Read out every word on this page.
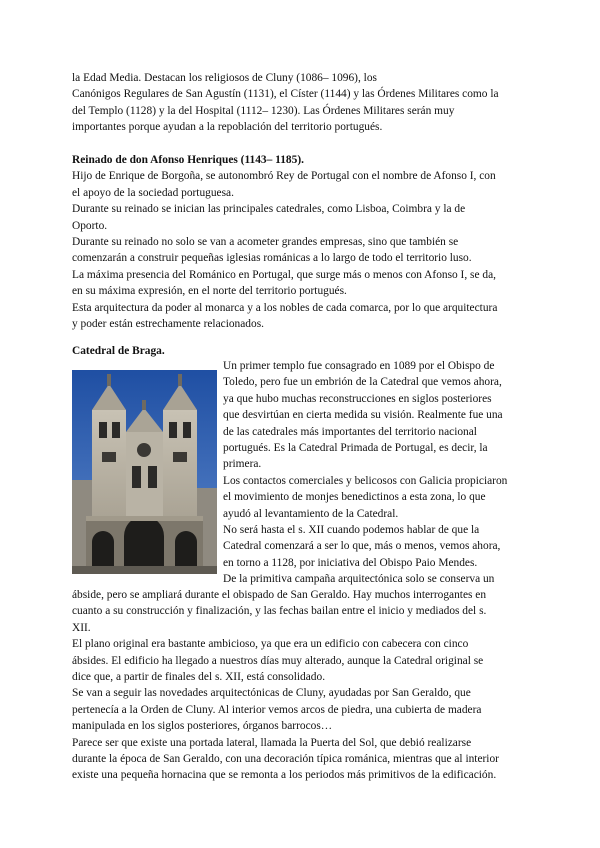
la Edad Media. Destacan los religiosos de Cluny (1086– 1096), los

Canónigos Regulares de San Agustín (1131), el Císter (1144) y las Órdenes Militares como la

del Templo (1128) y la del Hospital (1112– 1230). Las Órdenes Militares serán muy

importantes porque ayudan a la repoblación del territorio portugués.

Reinado de don Afonso Henriques (1143– 1185).

Hijo de Enrique de Borgoña, se autonombró Rey de Portugal con el nombre de Afonso I, con

el apoyo de la sociedad portuguesa.

Durante su reinado se inician las principales catedrales, como Lisboa, Coimbra y la de

Oporto.

Durante su reinado no solo se van a acometer grandes empresas, sino que también se

comenzarán a construir pequeñas iglesias románicas a lo largo de todo el territorio luso.

La máxima presencia del Románico en Portugal, que surge más o menos con Afonso I, se da,

en su máxima expresión, en el norte del territorio portugués.

Esta arquitectura da poder al monarca y a los nobles de cada comarca, por lo que arquitectura

y poder están estrechamente relacionados.

Catedral de Braga.

Un primer templo fue consagrado en 1089 por el Obispo de

Toledo, pero fue un embrión de la Catedral que vemos ahora,

ya que hubo muchas reconstrucciones en siglos posteriores

que desvirtúan en cierta medida su visión. Realmente fue una

de las catedrales más importantes del territorio nacional

portugués. Es la Catedral Primada de Portugal, es decir, la

primera.

Los contactos comerciales y belicosos con Galicia propiciaron

el movimiento de monjes benedictinos a esta zona, lo que

ayudó al levantamiento de la Catedral.

No será hasta el s. XII cuando podemos hablar de que la

Catedral comenzará a ser lo que, más o menos, vemos ahora,

en torno a 1128, por iniciativa del Obispo Paio Mendes.

De la primitiva campaña arquitectónica solo se conserva un

ábside, pero se ampliará durante el obispado de San Geraldo. Hay muchos interrogantes en

cuanto a su construcción y finalización, y las fechas bailan entre el inicio y mediados del s.

XII.

El plano original era bastante ambicioso, ya que era un edificio con cabecera con cinco

ábsides. El edificio ha llegado a nuestros días muy alterado, aunque la Catedral original se

dice que, a partir de finales del s. XII, está consolidado.

Se van a seguir las novedades arquitectónicas de Cluny, ayudadas por San Geraldo, que

pertenecía a la Orden de Cluny. Al interior vemos arcos de piedra, una cubierta de madera

manipulada en los siglos posteriores, órganos barrocos…

Parece ser que existe una portada lateral, llamada la Puerta del Sol, que debió realizarse

durante la época de San Geraldo, con una decoración típica románica, mientras que al interior

existe una pequeña hornacina que se remonta a los periodos más primitivos de la edificación.
